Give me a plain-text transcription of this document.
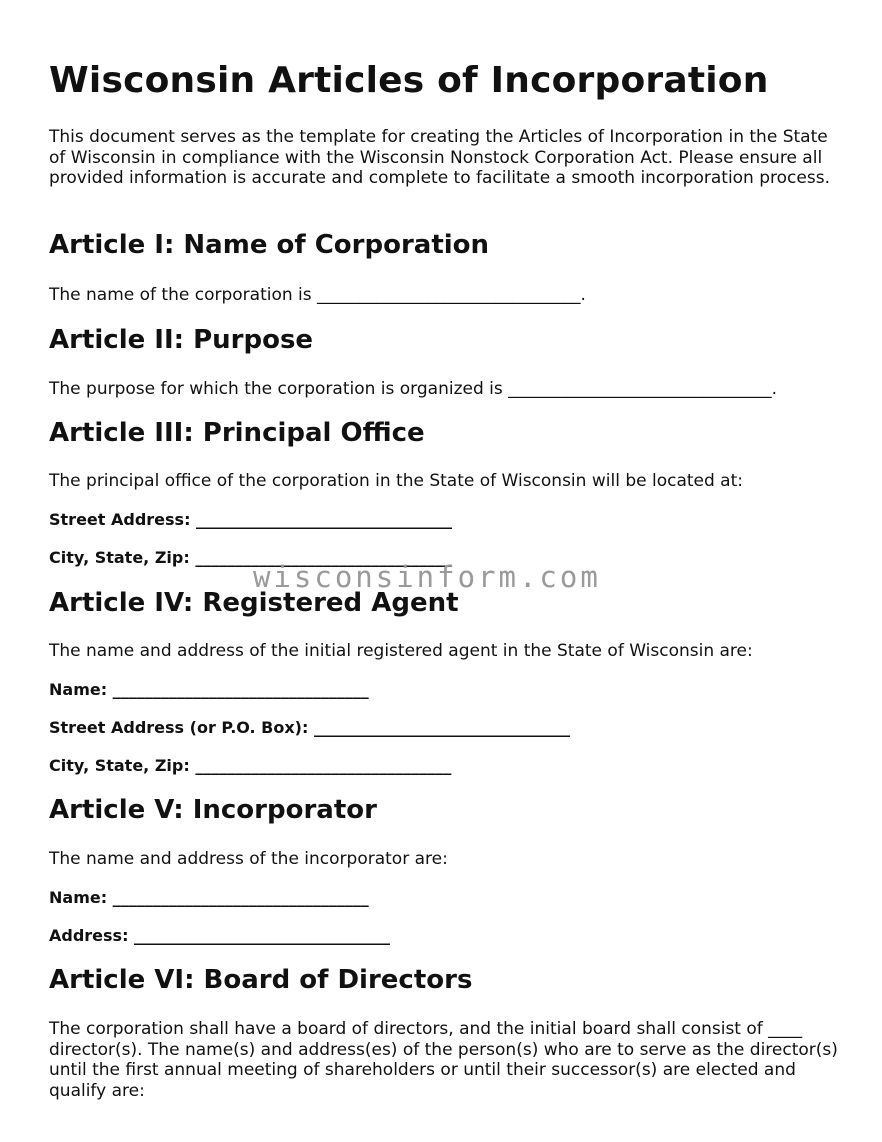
Wisconsin Articles of Incorporation

This document serves as the template for creating the Articles of Incorporation in the State of Wisconsin in compliance with the Wisconsin Nonstock Corporation Act. Please ensure all provided information is accurate and complete to facilitate a smooth incorporation process.

Article I: Name of Corporation

The name of the corporation is _______________________________.

Article II: Purpose

The purpose for which the corporation is organized is _______________________________.

Article III: Principal Office

The principal office of the corporation in the State of Wisconsin will be located at:

Street Address: ________________________________

City, State, Zip: ________________________________

Article IV: Registered Agent

The name and address of the initial registered agent in the State of Wisconsin are:

Name: ________________________________

Street Address (or P.O. Box): ________________________________

City, State, Zip: ________________________________

Article V: Incorporator

The name and address of the incorporator are:

Name: ________________________________

Address: ________________________________

Article VI: Board of Directors

The corporation shall have a board of directors, and the initial board shall consist of ____ director(s). The name(s) and address(es) of the person(s) who are to serve as the director(s) until the first annual meeting of shareholders or until their successor(s) are elected and qualify are:

wisconsinform.com
